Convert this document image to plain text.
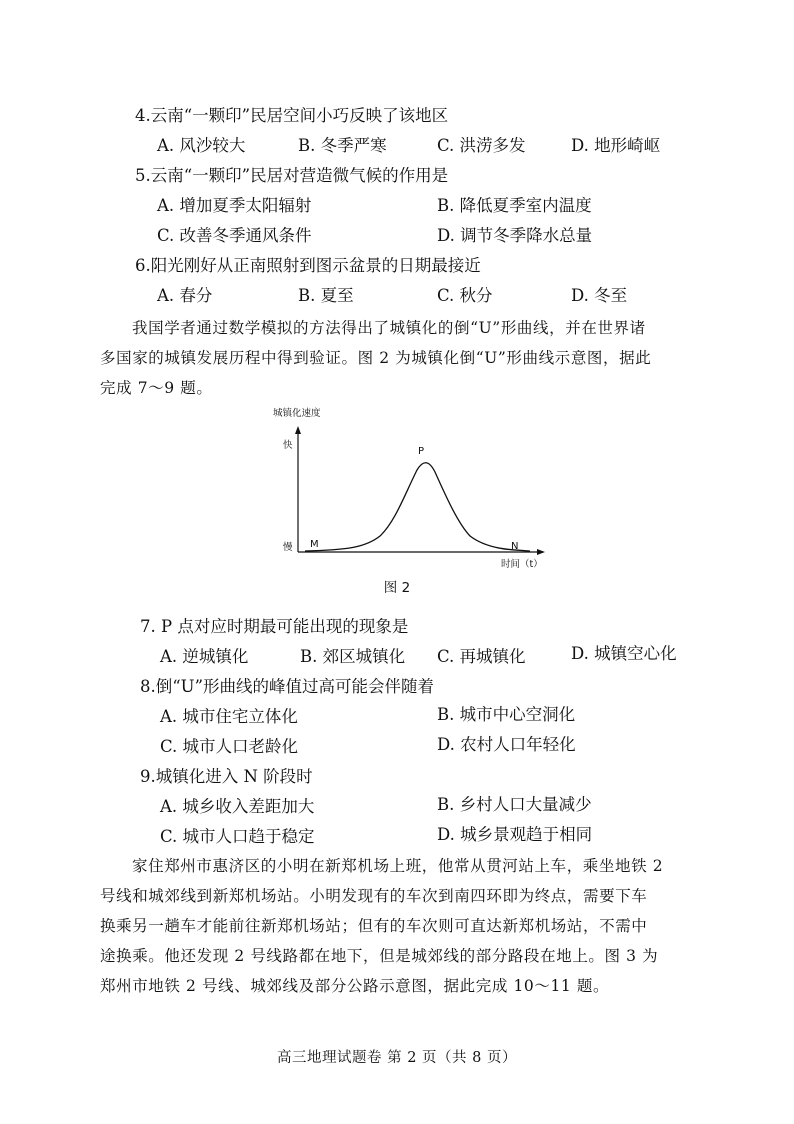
4.云南“一颗印”民居空间小巧反映了该地区
A. 风沙较大	B. 冬季严寒	C. 洪涝多发	D. 地形崎岖
5.云南“一颗印”民居对营造微气候的作用是
A. 增加夏季太阳辐射	B. 降低夏季室内温度
C. 改善冬季通风条件	D. 调节冬季降水总量
6.阳光刚好从正南照射到图示盆景的日期最接近
A. 春分	B. 夏至	C. 秋分	D. 冬至
我国学者通过数学模拟的方法得出了城镇化的倒“U”形曲线，并在世界诸
多国家的城镇发展历程中得到验证。图 2 为城镇化倒“U”形曲线示意图，据此
完成 7～9 题。
城镇化速度
快
慢
时间（t）
P
M	N
图 2
7. P 点对应时期最可能出现的现象是
A. 逆城镇化	B. 郊区城镇化 C. 再城镇化	D. 城镇空心化
8.倒“U”形曲线的峰值过高可能会伴随着
A. 城市住宅立体化	B. 城市中心空洞化
C. 城市人口老龄化	D. 农村人口年轻化
9.城镇化进入 N 阶段时
A. 城乡收入差距加大	B. 乡村人口大量减少
C. 城市人口趋于稳定	D. 城乡景观趋于相同
家住郑州市惠济区的小明在新郑机场上班，他常从贯河站上车，乘坐地铁 2
号线和城郊线到新郑机场站。小明发现有的车次到南四环即为终点，需要下车
换乘另一趟车才能前往新郑机场站；但有的车次则可直达新郑机场站，不需中
途换乘。他还发现 2 号线路都在地下，但是城郊线的部分路段在地上。图 3 为
郑州市地铁 2 号线、城郊线及部分公路示意图，据此完成 10～11 题。
高三地理试题卷 第 2 页（共 8 页）
